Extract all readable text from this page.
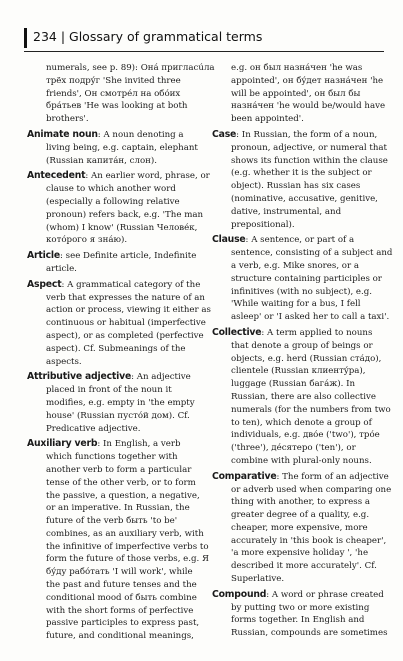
234 | Glossary of grammatical terms
numerals, see p. 89): Онá пригласúла
трёх подрýг 'She invited three
friends', Он смотрéл на обóих
брáтьев 'He was looking at both
brothers'.
Animate noun: A noun denoting a
living being, e.g. captain, elephant
(Russian капитáн, слон).
Antecedent: An earlier word, phrase, or
clause to which another word
(especially a following relative
pronoun) refers back, e.g. 'The man
(whom) I know' (Russian Человéк,
котóрого я знáю).
Article: see Definite article, Indefinite
article.
Aspect: A grammatical category of the
verb that expresses the nature of an
action or process, viewing it either as
continuous or habitual (imperfective
aspect), or as completed (perfective
aspect). Cf. Submeanings of the
aspects.
Attributive adjective: An adjective
placed in front of the noun it
modifies, e.g. empty in 'the empty
house' (Russian пустóй дом). Cf.
Predicative adjective.
Auxiliary verb: In English, a verb
which functions together with
another verb to form a particular
tense of the other verb, or to form
the passive, a question, a negative,
or an imperative. In Russian, the
future of the verb быть 'to be'
combines, as an auxiliary verb, with
the infinitive of imperfective verbs to
form the future of those verbs, e.g. Я
бýду рабóтать 'I will work', while
the past and future tenses and the
conditional mood of быть combine
with the short forms of perfective
passive participles to express past,
future, and conditional meanings,
e.g. он был назнáчен 'he was
appointed', он бýдет назнáчен 'he
will be appointed', он был бы
назнáчен 'he would be/would have
been appointed'.
Case: In Russian, the form of a noun,
pronoun, adjective, or numeral that
shows its function within the clause
(e.g. whether it is the subject or
object). Russian has six cases
(nominative, accusative, genitive,
dative, instrumental, and
prepositional).
Clause: A sentence, or part of a
sentence, consisting of a subject and
a verb, e.g. Mike snores, or a
structure containing participles or
infinitives (with no subject), e.g.
'While waiting for a bus, I fell
asleep' or 'I asked her to call a taxi'.
Collective: A term applied to nouns
that denote a group of beings or
objects, e.g. herd (Russian стáдо),
clientele (Russian клиентýра),
luggage (Russian багáж). In
Russian, there are also collective
numerals (for the numbers from two
to ten), which denote a group of
individuals, e.g. двóе ('two'), трóе
('three'), дéсятеро ('ten'), or
combine with plural-only nouns.
Comparative: The form of an adjective
or adverb used when comparing one
thing with another, to express a
greater degree of a quality, e.g.
cheaper, more expensive, more
accurately in 'this book is cheaper',
'a more expensive holiday ', 'he
described it more accurately'. Cf.
Superlative.
Compound: A word or phrase created
by putting two or more existing
forms together. In English and
Russian, compounds are sometimes
